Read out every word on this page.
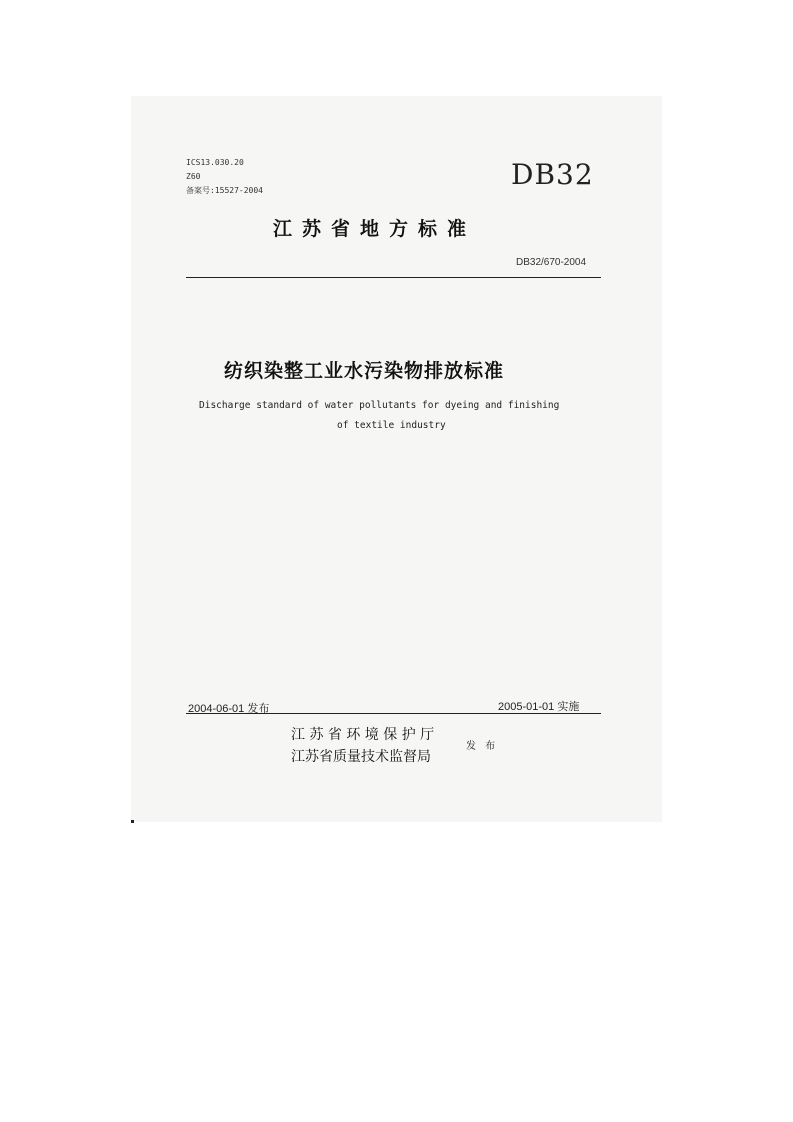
ICS13.030.20
Z60
备案号:15527-2004	DB32
江苏省地方标准
DB32/670-2004
纺织染整工业水污染物排放标准
Discharge standard of water pollutants for dyeing and finishing
of textile industry
2004-06-01 发布	2005-01-01 实施
江 苏 省 环 境 保 护 厅
江苏省质量技术监督局
发 布
